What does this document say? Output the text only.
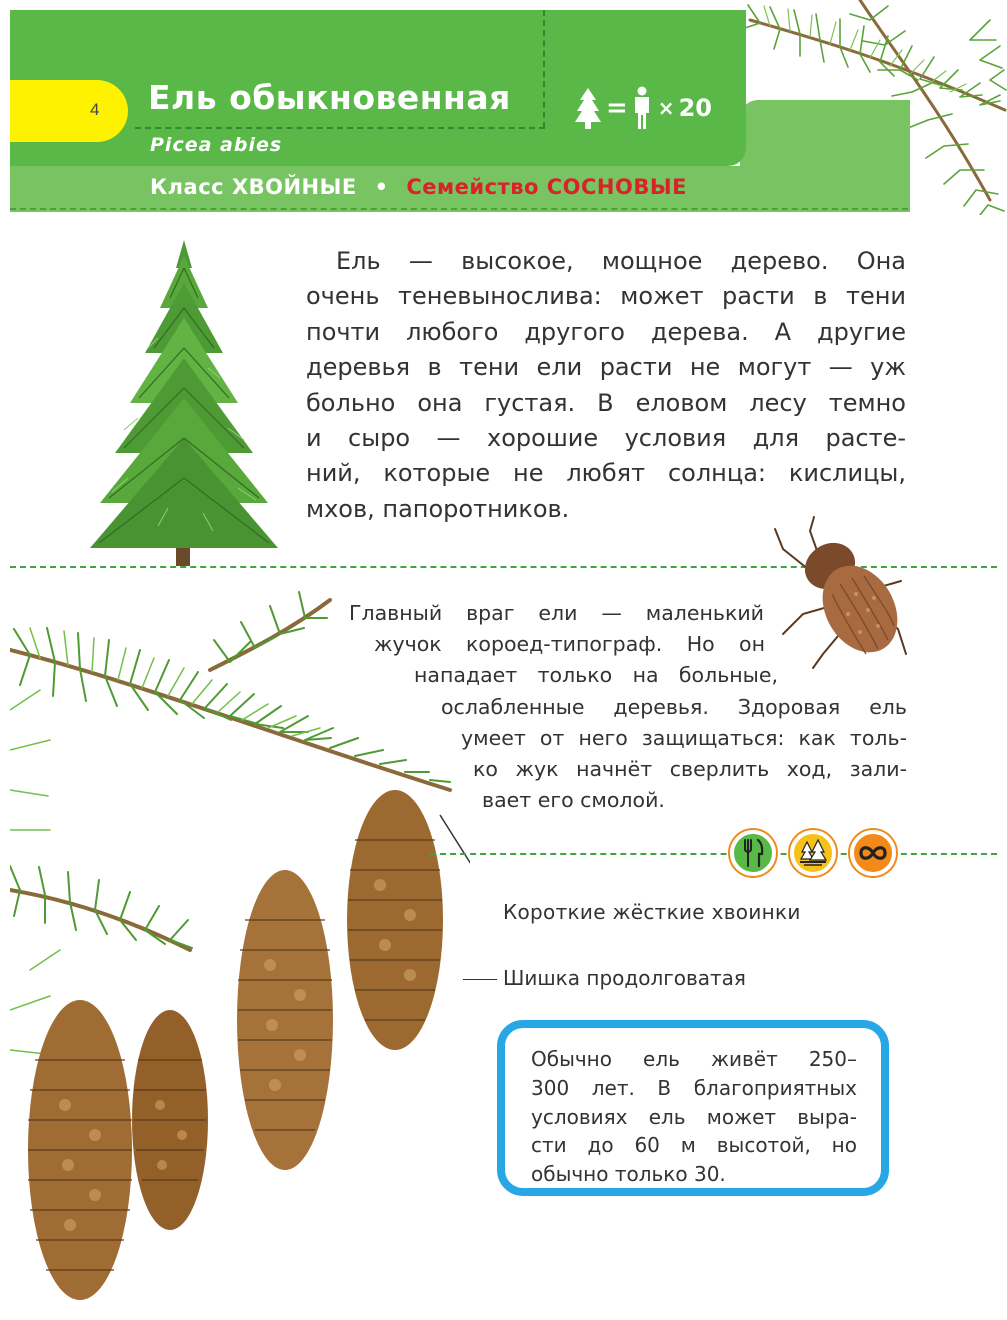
4 Ель обыкновенная
Picea abies
= × 20
Класс ХВОЙНЫЕ • Семейство СОСНОВЫЕ
Ель — высокое, мощное дерево. Она
очень теневынослива: может расти в тени
почти любого другого дерева. А другие
деревья в тени ели расти не могут — уж
больно она густая. В еловом лесу темно
и сыро — хорошие условия для расте-
ний, которые не любят солнца: кислицы,
мхов, папоротников.
Главный враг ели — маленький
жучок короед-типограф. Но он
нападает только на больные,
ослабленные деревья. Здоровая ель
умеет от него защищаться: как толь-
ко жук начнёт сверлить ход, зали-
вает его смолой.
Короткие жёсткие хвоинки
Шишка продолговатая
Обычно ель живёт 250–
300 лет. В благоприятных
условиях ель может выра-
сти до 60 м высотой, но
обычно только 30.
